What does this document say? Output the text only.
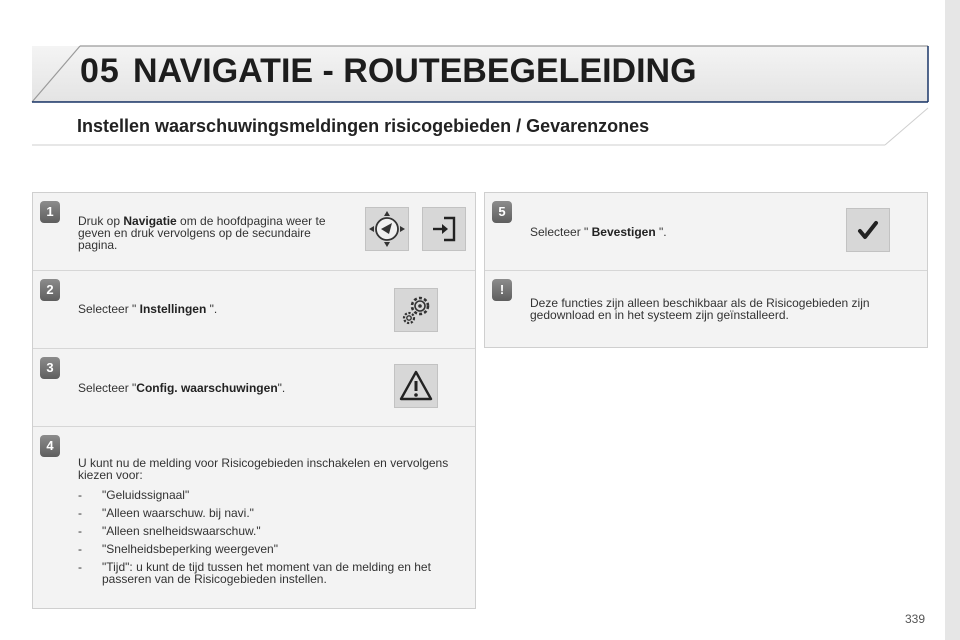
05 NAVIGATIE - ROUTEBEGELEIDING
Instellen waarschuwingsmeldingen risicogebieden / Gevarenzones
1
Druk op Navigatie om de hoofdpagina weer te geven en druk vervolgens op de secundaire pagina.
2
Selecteer " Instellingen ".
3
Selecteer "Config. waarschuwingen".
4
U kunt nu de melding voor Risicogebieden inschakelen en vervolgens kiezen voor:
- "Geluidssignaal"
- "Alleen waarschuw. bij navi."
- "Alleen snelheidswaarschuw."
- "Snelheidsbeperking weergeven"
- "Tijd": u kunt de tijd tussen het moment van de melding en het passeren van de Risicogebieden instellen.
5
Selecteer " Bevestigen ".
!
Deze functies zijn alleen beschikbaar als de Risicogebieden zijn gedownload en in het systeem zijn geïnstalleerd.
339
